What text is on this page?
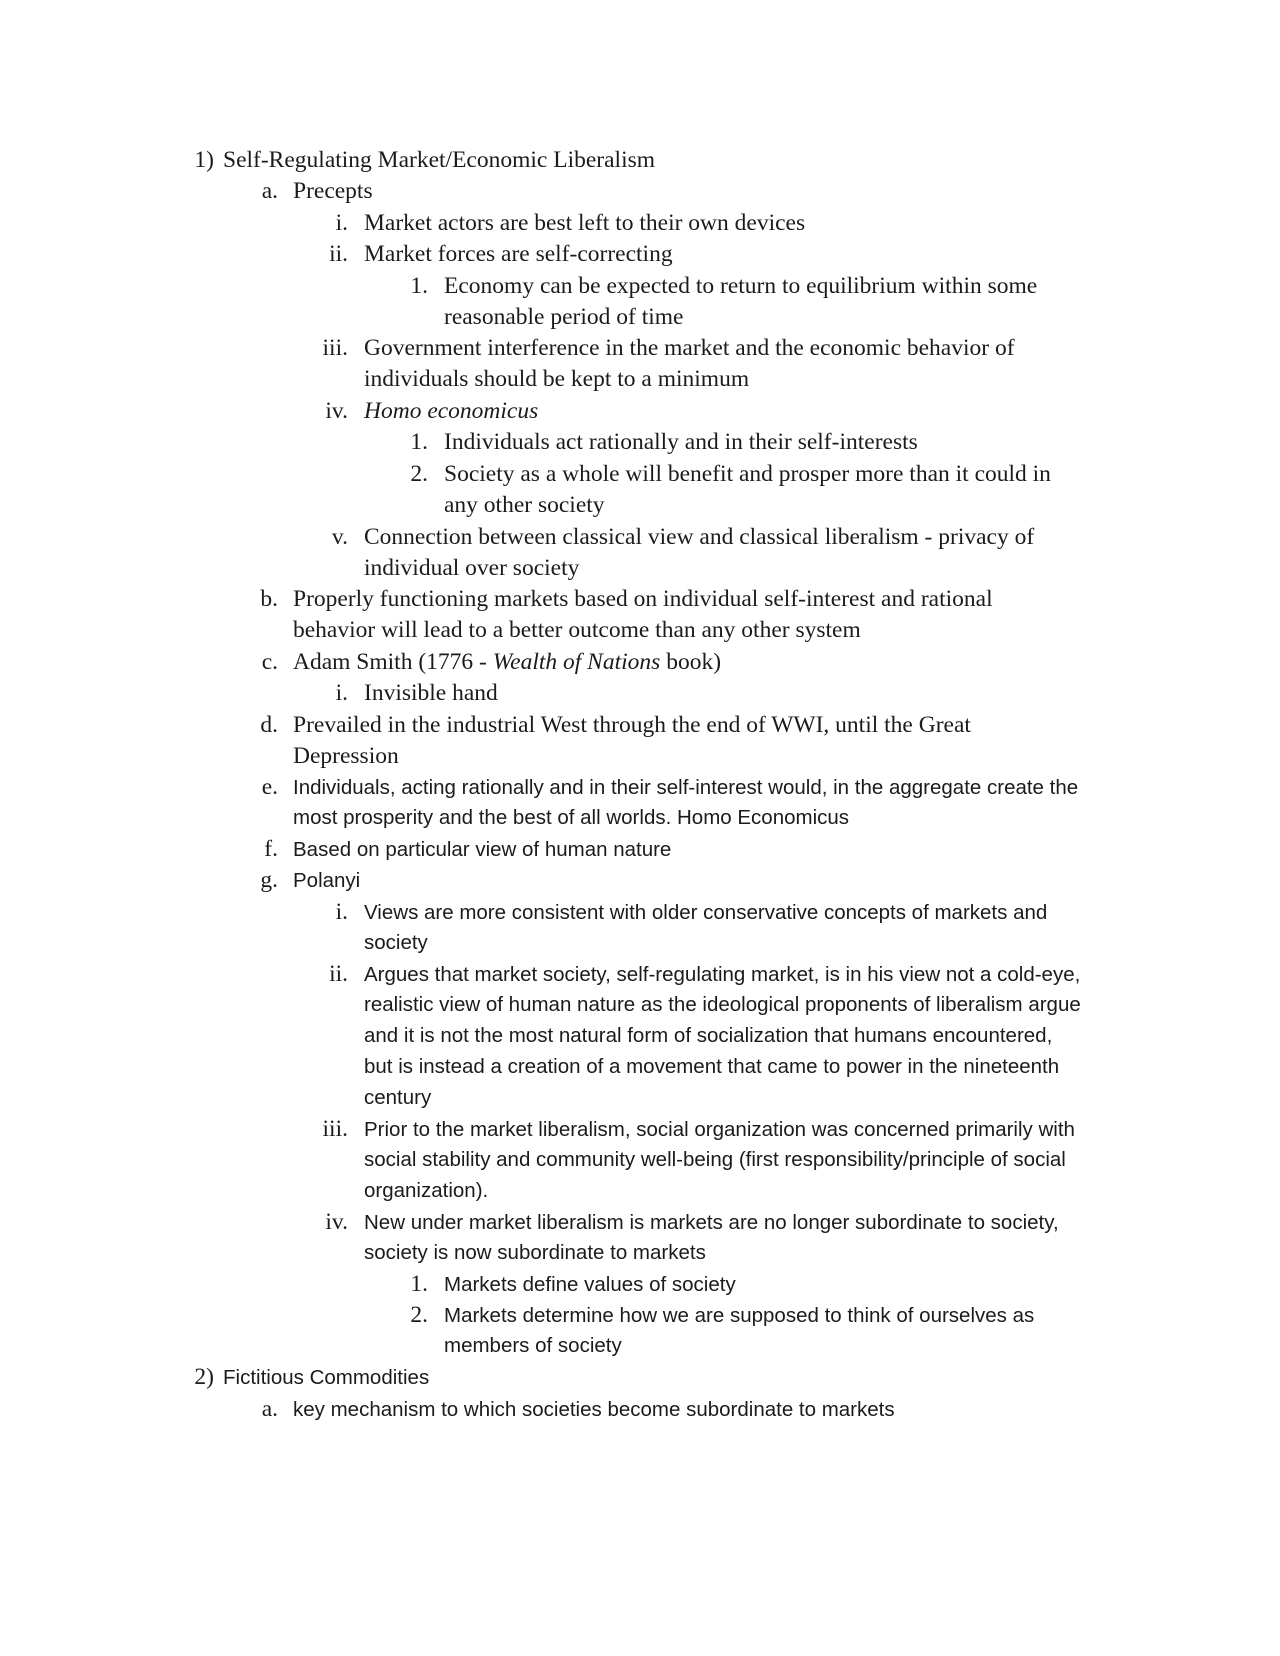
1) Self-Regulating Market/Economic Liberalism
a. Precepts
i. Market actors are best left to their own devices
ii. Market forces are self-correcting
1. Economy can be expected to return to equilibrium within some
reasonable period of time
iii. Government interference in the market and the economic behavior of
individuals should be kept to a minimum
iv. Homo economicus
1. Individuals act rationally and in their self-interests
2. Society as a whole will benefit and prosper more than it could in
any other society
v. Connection between classical view and classical liberalism - privacy of
individual over society
b. Properly functioning markets based on individual self-interest and rational
behavior will lead to a better outcome than any other system
c. Adam Smith (1776 - Wealth of Nations book)
i. Invisible hand
d. Prevailed in the industrial West through the end of WWI, until the Great
Depression
e. Individuals, acting rationally and in their self-interest would, in the aggregate create the
most prosperity and the best of all worlds. Homo Economicus
f. Based on particular view of human nature
g. Polanyi
i. Views are more consistent with older conservative concepts of markets and
society
ii. Argues that market society, self-regulating market, is in his view not a cold-eye,
realistic view of human nature as the ideological proponents of liberalism argue
and it is not the most natural form of socialization that humans encountered,
but is instead a creation of a movement that came to power in the nineteenth
century
iii. Prior to the market liberalism, social organization was concerned primarily with
social stability and community well-being (first responsibility/principle of social
organization).
iv. New under market liberalism is markets are no longer subordinate to society,
society is now subordinate to markets
1. Markets define values of society
2. Markets determine how we are supposed to think of ourselves as
members of society
2) Fictitious Commodities
a. key mechanism to which societies become subordinate to markets
